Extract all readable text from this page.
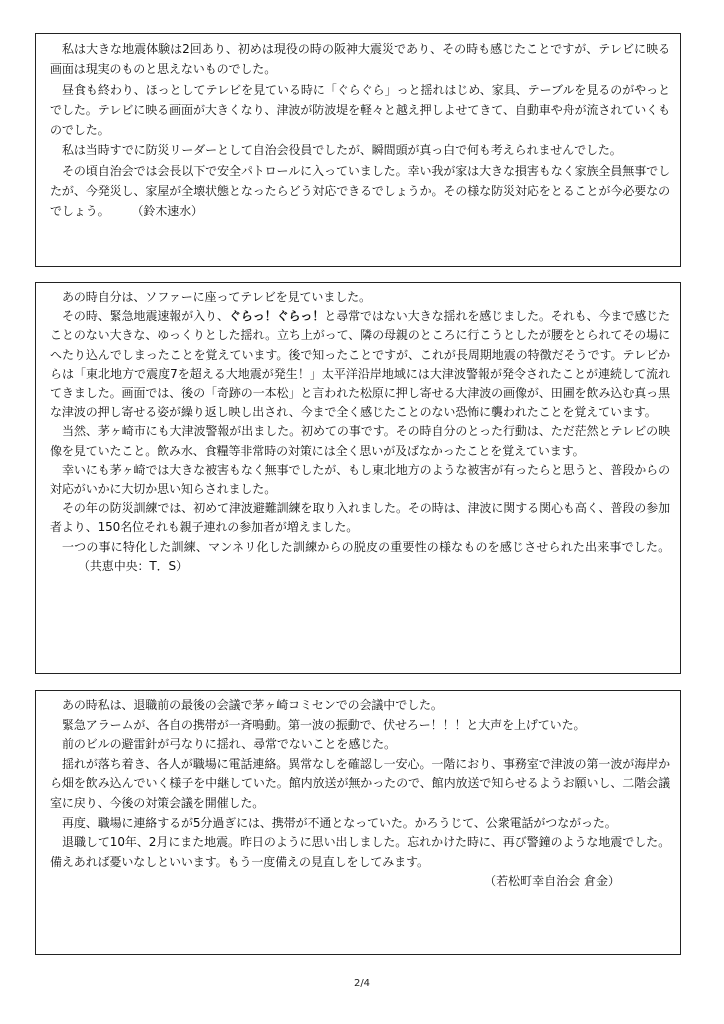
私は大きな地震体験は2回あり、初めは現役の時の阪神大震災であり、その時も感じたことですが、テレビに映る画面は現実のものと思えないものでした。

昼食も終わり、ほっとしてテレビを見ている時に「ぐらぐら」っと揺れはじめ、家具、テーブルを見るのがやっとでした。テレビに映る画面が大きくなり、津波が防波堤を軽々と越え押しよせてきて、自動車や舟が流されていくものでした。

私は当時すでに防災リーダーとして自治会役員でしたが、瞬間頭が真っ白で何も考えられませんでした。

その頃自治会では会長以下で安全パトロールに入っていました。幸い我が家は大きな損害もなく家族全員無事でしたが、今発災し、家屋が全壊状態となったらどう対応できるでしょうか。その様な防災対応をとることが今必要なのでしょう。 （鈴木速水）

あの時自分は、ソファーに座ってテレビを見ていました。

その時、緊急地震速報が入り、ぐらっ！ぐらっ！と尋常ではない大きな揺れを感じました。それも、今まで感じたことのない大きな、ゆっくりとした揺れ。立ち上がって、隣の母親のところに行こうとしたが腰をとられてその場にへたり込んでしまったことを覚えています。後で知ったことですが、これが長周期地震の特徴だそうです。テレビからは「東北地方で震度7を超える大地震が発生！」太平洋沿岸地域には大津波警報が発令されたことが連続して流れてきました。画面では、後の「奇跡の一本松」と言われた松原に押し寄せる大津波の画像が、田圃を飲み込む真っ黒な津波の押し寄せる姿が繰り返し映し出され、今まで全く感じたことのない恐怖に襲われたことを覚えています。

当然、茅ヶ崎市にも大津波警報が出ました。初めての事です。その時自分のとった行動は、ただ茫然とテレビの映像を見ていたこと。飲み水、食糧等非常時の対策には全く思いが及ばなかったことを覚えています。

幸いにも茅ヶ崎では大きな被害もなく無事でしたが、もし東北地方のような被害が有ったらと思うと、普段からの対応がいかに大切か思い知らされました。

その年の防災訓練では、初めて津波避難訓練を取り入れました。その時は、津波に関する関心も高く、普段の参加者より、150名位それも親子連れの参加者が増えました。

一つの事に特化した訓練、マンネリ化した訓練からの脱皮の重要性の様なものを感じさせられた出来事でした。（共恵中央：T．S）

あの時私は、退職前の最後の会議で茅ヶ崎コミセンでの会議中でした。

緊急アラームが、各自の携帯が一斉鳴動。第一波の振動で、伏せろー！！！と大声を上げていた。

前のビルの避雷針が弓なりに揺れ、尋常でないことを感じた。

揺れが落ち着き、各人が職場に電話連絡。異常なしを確認し一安心。一階におり、事務室で津波の第一波が海岸から畑を飲み込んでいく様子を中継していた。館内放送が無かったので、館内放送で知らせるようお願いし、二階会議室に戻り、今後の対策会議を開催した。

再度、職場に連絡するが5分過ぎには、携帯が不通となっていた。かろうじて、公衆電話がつながった。

退職して10年、2月にまた地震。昨日のように思い出しました。忘れかけた時に、再び警鐘のような地震でした。備えあれば憂いなしといいます。もう一度備えの見直しをしてみます。

（若松町幸自治会 倉金）

2/4
